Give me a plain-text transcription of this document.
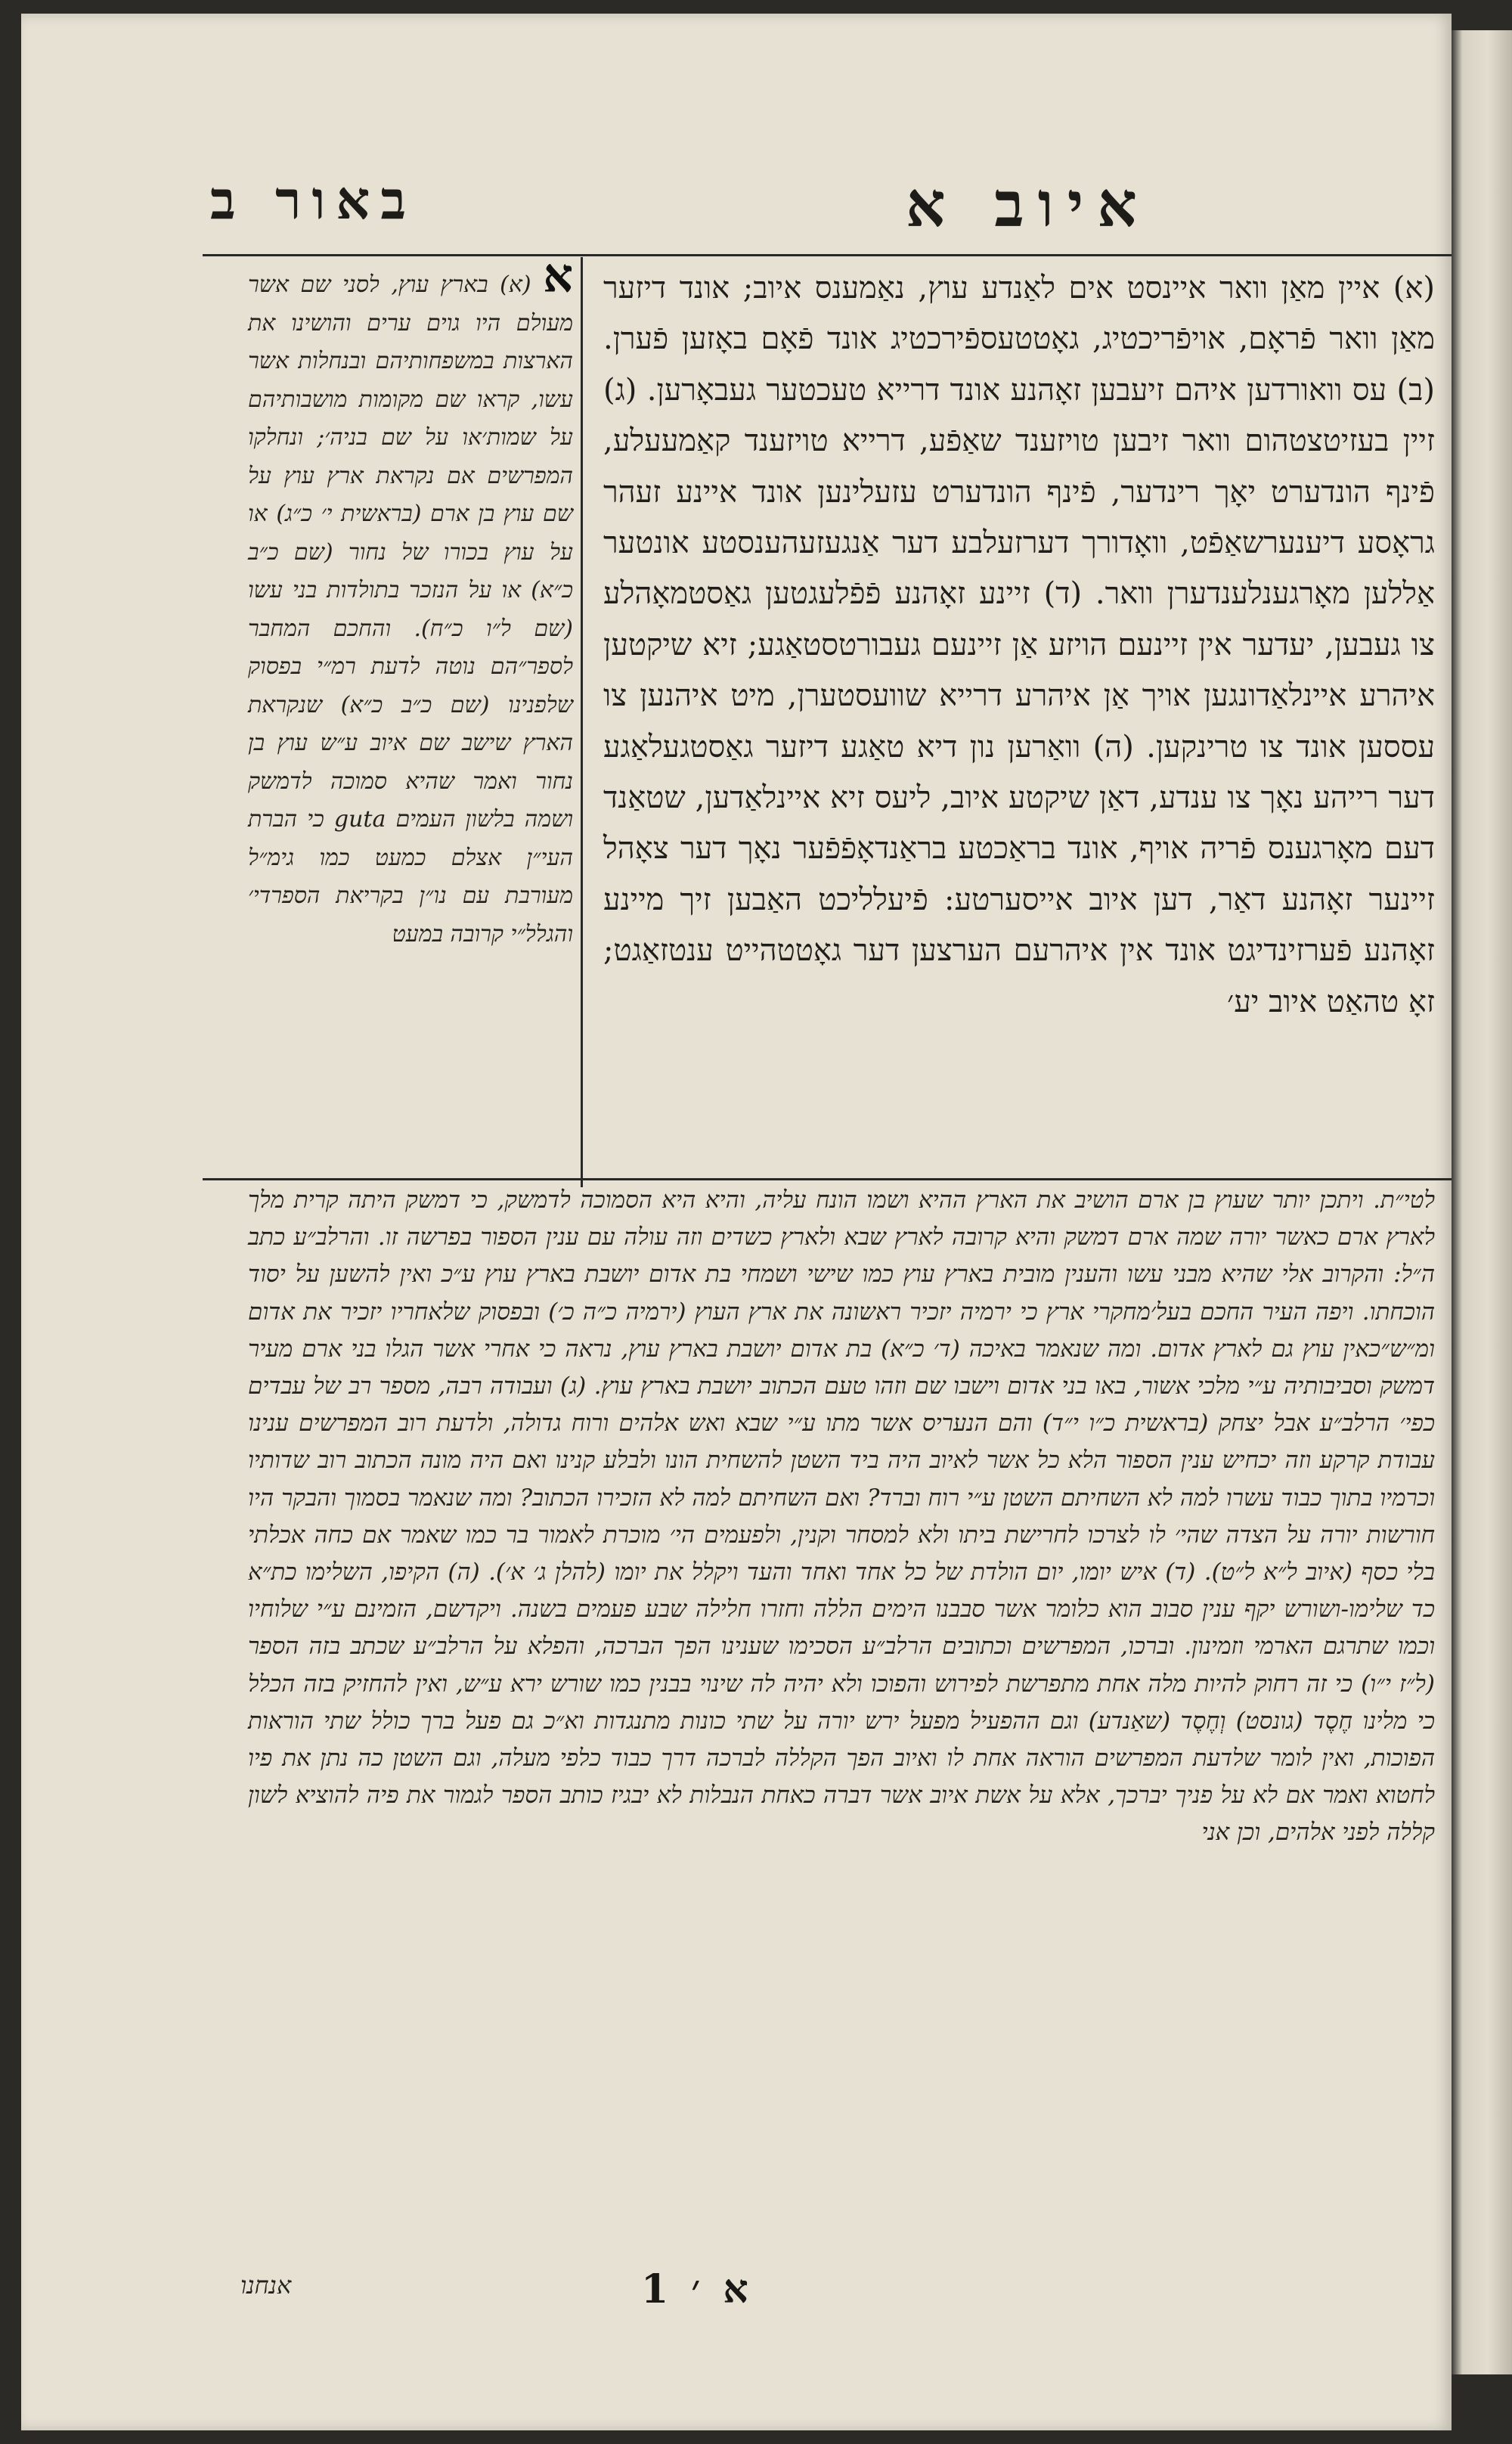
באור ב	איוב א

(א) איין מאַן וואר איינסט אים לאַנדע עוץ, נאַמענס איוב; אונד דיזער מאַן וואר פֿראָם, אויפֿריכטיג, גאָטטעספֿירכטיג אונד פֿאָם באָזען פֿערן. (ב) עס וואורדען איהם זיעבען זאָהנע אונד דרייא טעכטער געבאָרען. (ג) זיין בעזיטצטהום וואר זיבען טויזענד שאַפֿע, דרייא טויזענד קאַמעעלע, פֿינף הונדערט יאָך רינדער, פֿינף הונדערט עזעלינען אונד איינע זעהר גראָסע דיענערשאַפֿט, וואָדורך דערזעלבע דער אַנגעזעהענסטע אונטער אַללען מאָרגענלענדערן וואר. (ד) זיינע זאָהנע פֿפֿלעגטען גאַסטמאָהלע צו געבען, יעדער אין זיינעם הויזע אַן זיינעם געבורטסטאַגע; זיא שיקטען איהרע איינלאַדונגען אויך אַן איהרע דרייא שוועסטערן, מיט איהנען צו עססען אונד צו טרינקען. (ה) וואַרען נון דיא טאַגע דיזער גאַסטגעלאַגע דער רייהע נאָך צו ענדע, דאַן שיקטע איוב, ליעס זיא איינלאַדען, שטאַנד דעם מאָרגענס פֿריה אויף, אונד בראַכטע בראַנדאָפֿפֿער נאָך דער צאָהל זיינער זאָהנע דאַר, דען איוב אייסערטע: פֿיעלליכט האַבען זיך מיינע זאָהנע פֿערזינדיגט אונד אין איהרעם הערצען דער גאָטטהייט ענטזאַגט; זאָ טהאַט איוב יע׳

א (א) בארץ עוץ, לסני שם אשר מעולם היו גוים ערים והושינו את הארצות במשפחותיהם ובנחלות אשר עשו, קראו שם מקומות מושבותיהם על שמות׳או על שם בניה׳; ונחלקו המפרשים אם נקראת ארץ עוץ על שם עוץ בן ארם (בראשית י׳ כ״ג) או על עוץ בכורו של נחור (שם כ״ב כ״א) או על הנזכר בתולדות בני עשו (שם ל״ו כ״ח). והחכם המחבר לספר״הם נוטה לדעת רמ״י בפסוק שלפנינו (שם כ״ב כ״א) שנקראת הארץ שישב שם איוב ע״ש עוץ בן נחור ואמר שהיא סמוכה לדמשק ושמה בלשון העמים gutа כי הברת העי״ן אצלם כמעט כמו גימ״ל מעורבת עם נו״ן בקריאת הספרדי׳ והגלל״י קרובה במעט

לטי״ת. ויתכן יותר שעוץ בן ארם הושיב את הארץ ההיא ושמו הונח עליה, והיא היא הסמוכה לדמשק, כי דמשק היתה קרית מלך לארץ ארם כאשר יורה שמה ארם דמשק והיא קרובה לארץ שבא ולארץ כשדים וזה עולה עם ענין הספור בפרשה זו. והרלב״ע כתב ה״ל: והקרוב אלי שהיא מבני עשו והענין מובית בארץ עוץ כמו שישי ושמחי בת אדום יושבת בארץ עוץ ע״כ ואין להשען על יסוד הוכחתו. ויפה העיר החכם בעל׳מחקרי ארץ כי ירמיה יזכיר ראשונה את ארץ העוץ (ירמיה כ״ה כ׳) ובפסוק שלאחריו יזכיר את אדום ומ״ש״כאין עוץ גם לארץ אדום. ומה שנאמר באיכה (ד׳ כ״א) בת אדום יושבת בארץ עוץ, נראה כי אחרי אשר הגלו בני ארם מעיר דמשק וסביבותיה ע״י מלכי אשור, באו בני אדום וישבו שם וזהו טעם הכתוב יושבת בארץ עוץ. (ג) ועבודה רבה, מספר רב של עבדים כפי׳ הרלב״ע אבל יצחק (בראשית כ״ו י״ד) והם הנעריס אשר מתו ע״י שבא ואש אלהים ורוח גדולה, ולדעת רוב המפרשים ענינו עבודת קרקע וזה יכחיש ענין הספור הלא כל אשר לאיוב היה ביד השטן להשחית הונו ולבלע קנינו ואם היה מונה הכתוב רוב שדותיו וכרמיו בתוך כבוד עשרו למה לא השחיתם השטן ע״י רוח וברד? ואם השחיתם למה לא הזכירו הכתוב? ומה שנאמר בסמוך והבקר היו חורשות יורה על הצדה שהי׳ לו לצרכו לחרישת ביתו ולא למסחר וקנין, ולפעמים הי׳ מוכרת לאמור בר כמו שאמר אם כחה אכלתי בלי כסף (איוב ל״א ל״ט). (ד) איש יומו, יום הולדת של כל אחד ואחד והעד ויקלל את יומו (להלן ג׳ א׳). (ה) הקיפו, השלימו כת״א כד שלימו-ושורש יקף ענין סבוב הוא כלומר אשר סבבנו הימים הללה וחזרו חלילה שבע פעמים בשנה. ויקדשם, הזמינם ע״י שלוחיו וכמו שתרגם הארמי וזמינון. וברכו, המפרשים וכתובים הרלב״ע הסכימו שענינו הפך הברכה, והפלא על הרלב״ע שכתב בזה הספר (ל״ז י״ו) כי זה רחוק להיות מלה אחת מתפרשת לפירוש והפוכו ולא יהיה לה שינוי בבנין כמו שורש ירא ע״ש, ואין להחזיק בזה הכלל כי מלינו חֶסֶד (גונסט) וְחֶסֶד (שאַנדע) וגם ההפעיל מפעל ירש יורה על שתי כונות מתנגדות וא״כ גם פעל ברך כולל שתי הוראות הפוכות, ואין לומר שלדעת המפרשים הוראה אחת לו ואיוב הפך הקללה לברכה דרך כבוד כלפי מעלה, וגם השטן כה נתן את פיו לחטוא ואמר אם לא על פניך יברכך, אלא על אשת איוב אשר דברה כאחת הנבלות לא יבגיז כותב הספר לגמור את פיה להוציא לשון קללה לפני אלהים, וכן אני

אנחנו	א ׳ 1
